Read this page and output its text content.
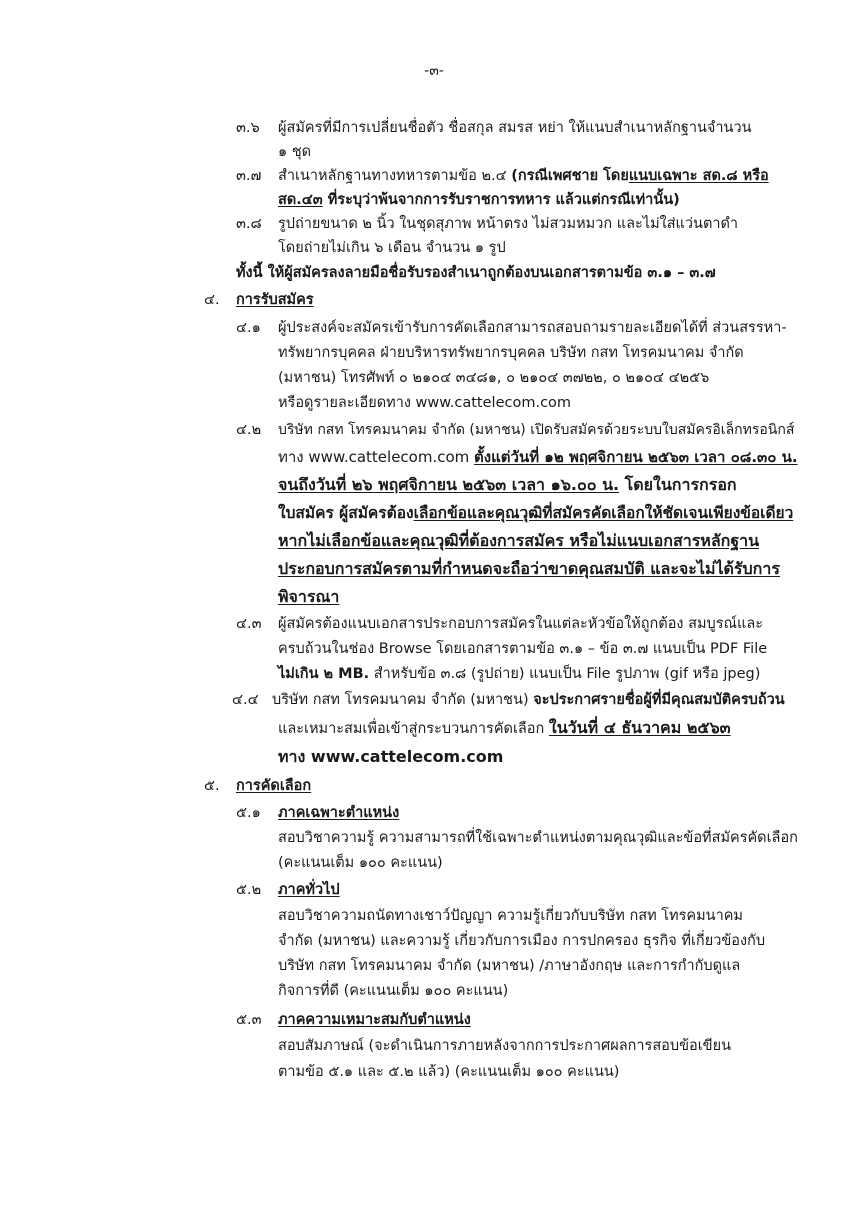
-๓-
๓.๖ ผู้สมัครที่มีการเปลี่ยนชื่อตัว ชื่อสกุล สมรส หย่า ให้แนบสำเนาหลักฐานจำนวน
๑ ชุด
๓.๗ สำเนาหลักฐานทางทหารตามข้อ ๒.๔ (กรณีเพศชาย โดยแนบเฉพาะ สด.๘ หรือ
สด.๔๓ ที่ระบุว่าพ้นจากการรับราชการทหาร แล้วแต่กรณีเท่านั้น)
๓.๘ รูปถ่ายขนาด ๒ นิ้ว ในชุดสุภาพ หน้าตรง ไม่สวมหมวก และไม่ใส่แว่นตาดำ
โดยถ่ายไม่เกิน ๖ เดือน จำนวน ๑ รูป
ทั้งนี้ ให้ผู้สมัครลงลายมือชื่อรับรองสำเนาถูกต้องบนเอกสารตามข้อ ๓.๑ – ๓.๗
๔. การรับสมัคร
๔.๑ ผู้ประสงค์จะสมัครเข้ารับการคัดเลือกสามารถสอบถามรายละเอียดได้ที่ ส่วนสรรหา-
ทรัพยากรบุคคล ฝ่ายบริหารทรัพยากรบุคคล บริษัท กสท โทรคมนาคม จำกัด
(มหาชน) โทรศัพท์ ๐ ๒๑๐๔ ๓๔๘๑, ๐ ๒๑๐๔ ๓๗๒๒, ๐ ๒๑๐๔ ๔๒๕๖
หรือดูรายละเอียดทาง www.cattelecom.com
๔.๒ บริษัท กสท โทรคมนาคม จำกัด (มหาชน) เปิดรับสมัครด้วยระบบใบสมัครอิเล็กทรอนิกส์
ทาง www.cattelecom.com ตั้งแต่วันที่ ๑๒ พฤศจิกายน ๒๕๖๓ เวลา ๐๘.๓๐ น.
จนถึงวันที่ ๒๖ พฤศจิกายน ๒๕๖๓ เวลา ๑๖.๐๐ น. โดยในการกรอก
ใบสมัคร ผู้สมัครต้องเลือกข้อและคุณวุฒิที่สมัครคัดเลือกให้ชัดเจนเพียงข้อเดียว
หากไม่เลือกข้อและคุณวุฒิที่ต้องการสมัคร หรือไม่แนบเอกสารหลักฐาน
ประกอบการสมัครตามที่กำหนดจะถือว่าขาดคุณสมบัติ และจะไม่ได้รับการ
พิจารณา
๔.๓ ผู้สมัครต้องแนบเอกสารประกอบการสมัครในแต่ละหัวข้อให้ถูกต้อง สมบูรณ์และ
ครบถ้วนในช่อง Browse โดยเอกสารตามข้อ ๓.๑ – ข้อ ๓.๗ แนบเป็น PDF File
ไม่เกิน ๒ MB. สำหรับข้อ ๓.๘ (รูปถ่าย) แนบเป็น File รูปภาพ (gif หรือ jpeg)
๔.๔ บริษัท กสท โทรคมนาคม จำกัด (มหาชน) จะประกาศรายชื่อผู้ที่มีคุณสมบัติครบถ้วน
และเหมาะสมเพื่อเข้าสู่กระบวนการคัดเลือก ในวันที่ ๔ ธันวาคม ๒๕๖๓
ทาง www.cattelecom.com
๕. การคัดเลือก
๕.๑ ภาคเฉพาะตำแหน่ง
สอบวิชาความรู้ ความสามารถที่ใช้เฉพาะตำแหน่งตามคุณวุฒิและข้อที่สมัครคัดเลือก
(คะแนนเต็ม ๑๐๐ คะแนน)
๕.๒ ภาคทั่วไป
สอบวิชาความถนัดทางเชาว์ปัญญา ความรู้เกี่ยวกับบริษัท กสท โทรคมนาคม
จำกัด (มหาชน) และความรู้ เกี่ยวกับการเมือง การปกครอง ธุรกิจ ที่เกี่ยวข้องกับ
บริษัท กสท โทรคมนาคม จำกัด (มหาชน) /ภาษาอังกฤษ และการกำกับดูแล
กิจการที่ดี (คะแนนเต็ม ๑๐๐ คะแนน)
๕.๓ ภาคความเหมาะสมกับตำแหน่ง
สอบสัมภาษณ์ (จะดำเนินการภายหลังจากการประกาศผลการสอบข้อเขียน
ตามข้อ ๕.๑ และ ๕.๒ แล้ว) (คะแนนเต็ม ๑๐๐ คะแนน)
